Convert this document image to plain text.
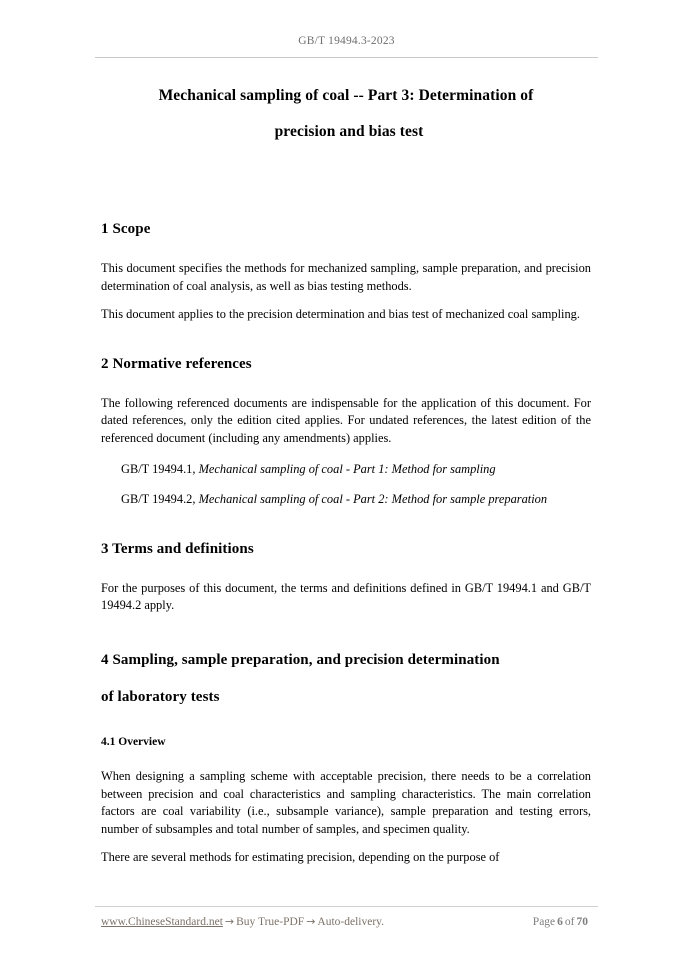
GB/T 19494.3-2023
Mechanical sampling of coal -- Part 3: Determination of
precision and bias test
1 Scope

This document specifies the methods for mechanized sampling, sample preparation, and precision determination of coal analysis, as well as bias testing methods.

This document applies to the precision determination and bias test of mechanized coal sampling.

2 Normative references

The following referenced documents are indispensable for the application of this document. For dated references, only the edition cited applies. For undated references, the latest edition of the referenced document (including any amendments) applies.

GB/T 19494.1, Mechanical sampling of coal - Part 1: Method for sampling

GB/T 19494.2, Mechanical sampling of coal - Part 2: Method for sample preparation

3 Terms and definitions

For the purposes of this document, the terms and definitions defined in GB/T 19494.1 and GB/T 19494.2 apply.

4 Sampling, sample preparation, and precision determination
of laboratory tests
4.1 Overview

When designing a sampling scheme with acceptable precision, there needs to be a correlation between precision and coal characteristics and sampling characteristics. The main correlation factors are coal variability (i.e., subsample variance), sample preparation and testing errors, number of subsamples and total number of samples, and specimen quality.

There are several methods for estimating precision, depending on the purpose of

www.ChineseStandard.net → Buy True-PDF → Auto-delivery.	Page 6 of 70
